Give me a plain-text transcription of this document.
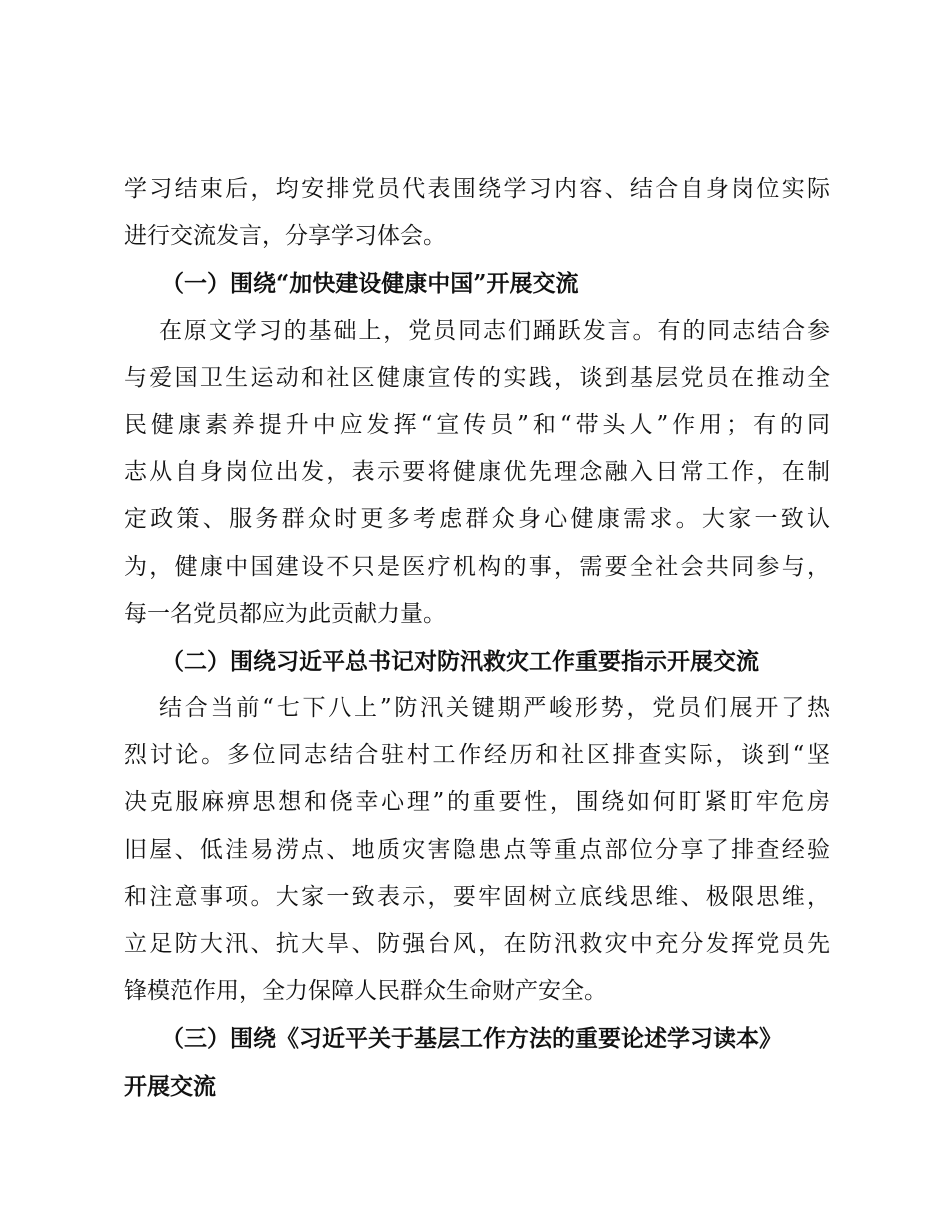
学习结束后，均安排党员代表围绕学习内容、结合自身岗位实际
进行交流发言，分享学习体会。
（一）围绕“加快建设健康中国”开展交流
在原文学习的基础上，党员同志们踊跃发言。有的同志结合参
与爱国卫生运动和社区健康宣传的实践，谈到基层党员在推动全
民健康素养提升中应发挥“宣传员”和“带头人”作用；有的同
志从自身岗位出发，表示要将健康优先理念融入日常工作，在制
定政策、服务群众时更多考虑群众身心健康需求。大家一致认
为，健康中国建设不只是医疗机构的事，需要全社会共同参与，
每一名党员都应为此贡献力量。
（二）围绕习近平总书记对防汛救灾工作重要指示开展交流
结合当前“七下八上”防汛关键期严峻形势，党员们展开了热
烈讨论。多位同志结合驻村工作经历和社区排查实际，谈到“坚
决克服麻痹思想和侥幸心理”的重要性，围绕如何盯紧盯牢危房
旧屋、低洼易涝点、地质灾害隐患点等重点部位分享了排查经验
和注意事项。大家一致表示，要牢固树立底线思维、极限思维，
立足防大汛、抗大旱、防强台风，在防汛救灾中充分发挥党员先
锋模范作用，全力保障人民群众生命财产安全。
（三）围绕《习近平关于基层工作方法的重要论述学习读本》
开展交流
